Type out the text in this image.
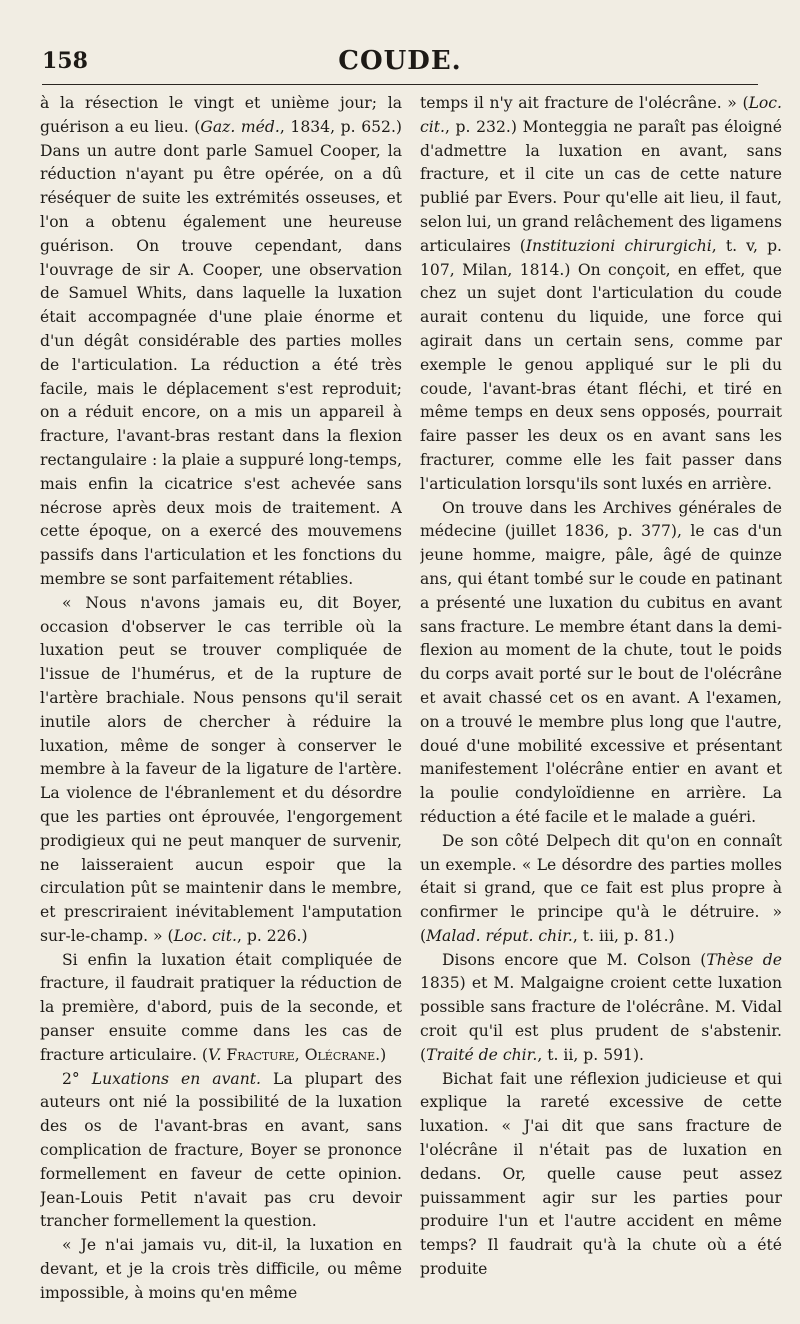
158	COUDE.

à la résection le vingt et unième jour; la guérison a eu lieu. (Gaz. méd., 1834, p. 652.) Dans un autre dont parle Samuel Cooper, la réduction n'ayant pu être opérée, on a dû réséquer de suite les extrémités osseuses, et l'on a obtenu également une heureuse guérison. On trouve cependant, dans l'ouvrage de sir A. Cooper, une observation de Samuel Whits, dans laquelle la luxation était accompagnée d'une plaie énorme et d'un dégât considérable des parties molles de l'articulation. La réduction a été très facile, mais le déplacement s'est reproduit; on a réduit encore, on a mis un appareil à fracture, l'avant-bras restant dans la flexion rectangulaire : la plaie a suppuré long-temps, mais enfin la cicatrice s'est achevée sans nécrose après deux mois de traitement. A cette époque, on a exercé des mouvemens passifs dans l'articulation et les fonctions du membre se sont parfaitement rétablies.

« Nous n'avons jamais eu, dit Boyer, occasion d'observer le cas terrible où la luxation peut se trouver compliquée de l'issue de l'humérus, et de la rupture de l'artère brachiale. Nous pensons qu'il serait inutile alors de chercher à réduire la luxation, même de songer à conserver le membre à la faveur de la ligature de l'artère. La violence de l'ébranlement et du désordre que les parties ont éprouvée, l'engorgement prodigieux qui ne peut manquer de survenir, ne laisseraient aucun espoir que la circulation pût se maintenir dans le membre, et prescriraient inévitablement l'amputation sur-le-champ. » (Loc. cit., p. 226.)

Si enfin la luxation était compliquée de fracture, il faudrait pratiquer la réduction de la première, d'abord, puis de la seconde, et panser ensuite comme dans les cas de fracture articulaire. (V. Fracture, Olécrane.)

2° Luxations en avant. La plupart des auteurs ont nié la possibilité de la luxation des os de l'avant-bras en avant, sans complication de fracture, Boyer se prononce formellement en faveur de cette opinion. Jean-Louis Petit n'avait pas cru devoir trancher formellement la question.

« Je n'ai jamais vu, dit-il, la luxation en devant, et je la crois très difficile, ou même impossible, à moins qu'en même

temps il n'y ait fracture de l'olécrâne. » (Loc. cit., p. 232.) Monteggia ne paraît pas éloigné d'admettre la luxation en avant, sans fracture, et il cite un cas de cette nature publié par Evers. Pour qu'elle ait lieu, il faut, selon lui, un grand relâchement des ligamens articulaires (Instituzioni chirurgichi, t. v, p. 107, Milan, 1814.) On conçoit, en effet, que chez un sujet dont l'articulation du coude aurait contenu du liquide, une force qui agirait dans un certain sens, comme par exemple le genou appliqué sur le pli du coude, l'avant-bras étant fléchi, et tiré en même temps en deux sens opposés, pourrait faire passer les deux os en avant sans les fracturer, comme elle les fait passer dans l'articulation lorsqu'ils sont luxés en arrière.

On trouve dans les Archives générales de médecine (juillet 1836, p. 377), le cas d'un jeune homme, maigre, pâle, âgé de quinze ans, qui étant tombé sur le coude en patinant a présenté une luxation du cubitus en avant sans fracture. Le membre étant dans la demi-flexion au moment de la chute, tout le poids du corps avait porté sur le bout de l'olécrâne et avait chassé cet os en avant. A l'examen, on a trouvé le membre plus long que l'autre, doué d'une mobilité excessive et présentant manifestement l'olécrâne entier en avant et la poulie condyloïdienne en arrière. La réduction a été facile et le malade a guéri.

De son côté Delpech dit qu'on en connaît un exemple. « Le désordre des parties molles était si grand, que ce fait est plus propre à confirmer le principe qu'à le détruire. » (Malad. réput. chir., t. iii, p. 81.)

Disons encore que M. Colson (Thèse de 1835) et M. Malgaigne croient cette luxation possible sans fracture de l'olécrâne. M. Vidal croit qu'il est plus prudent de s'abstenir. (Traité de chir., t. ii, p. 591).

Bichat fait une réflexion judicieuse et qui explique la rareté excessive de cette luxation. « J'ai dit que sans fracture de l'olécrâne il n'était pas de luxation en dedans. Or, quelle cause peut assez puissamment agir sur les parties pour produire l'un et l'autre accident en même temps? Il faudrait qu'à la chute où a été produite
